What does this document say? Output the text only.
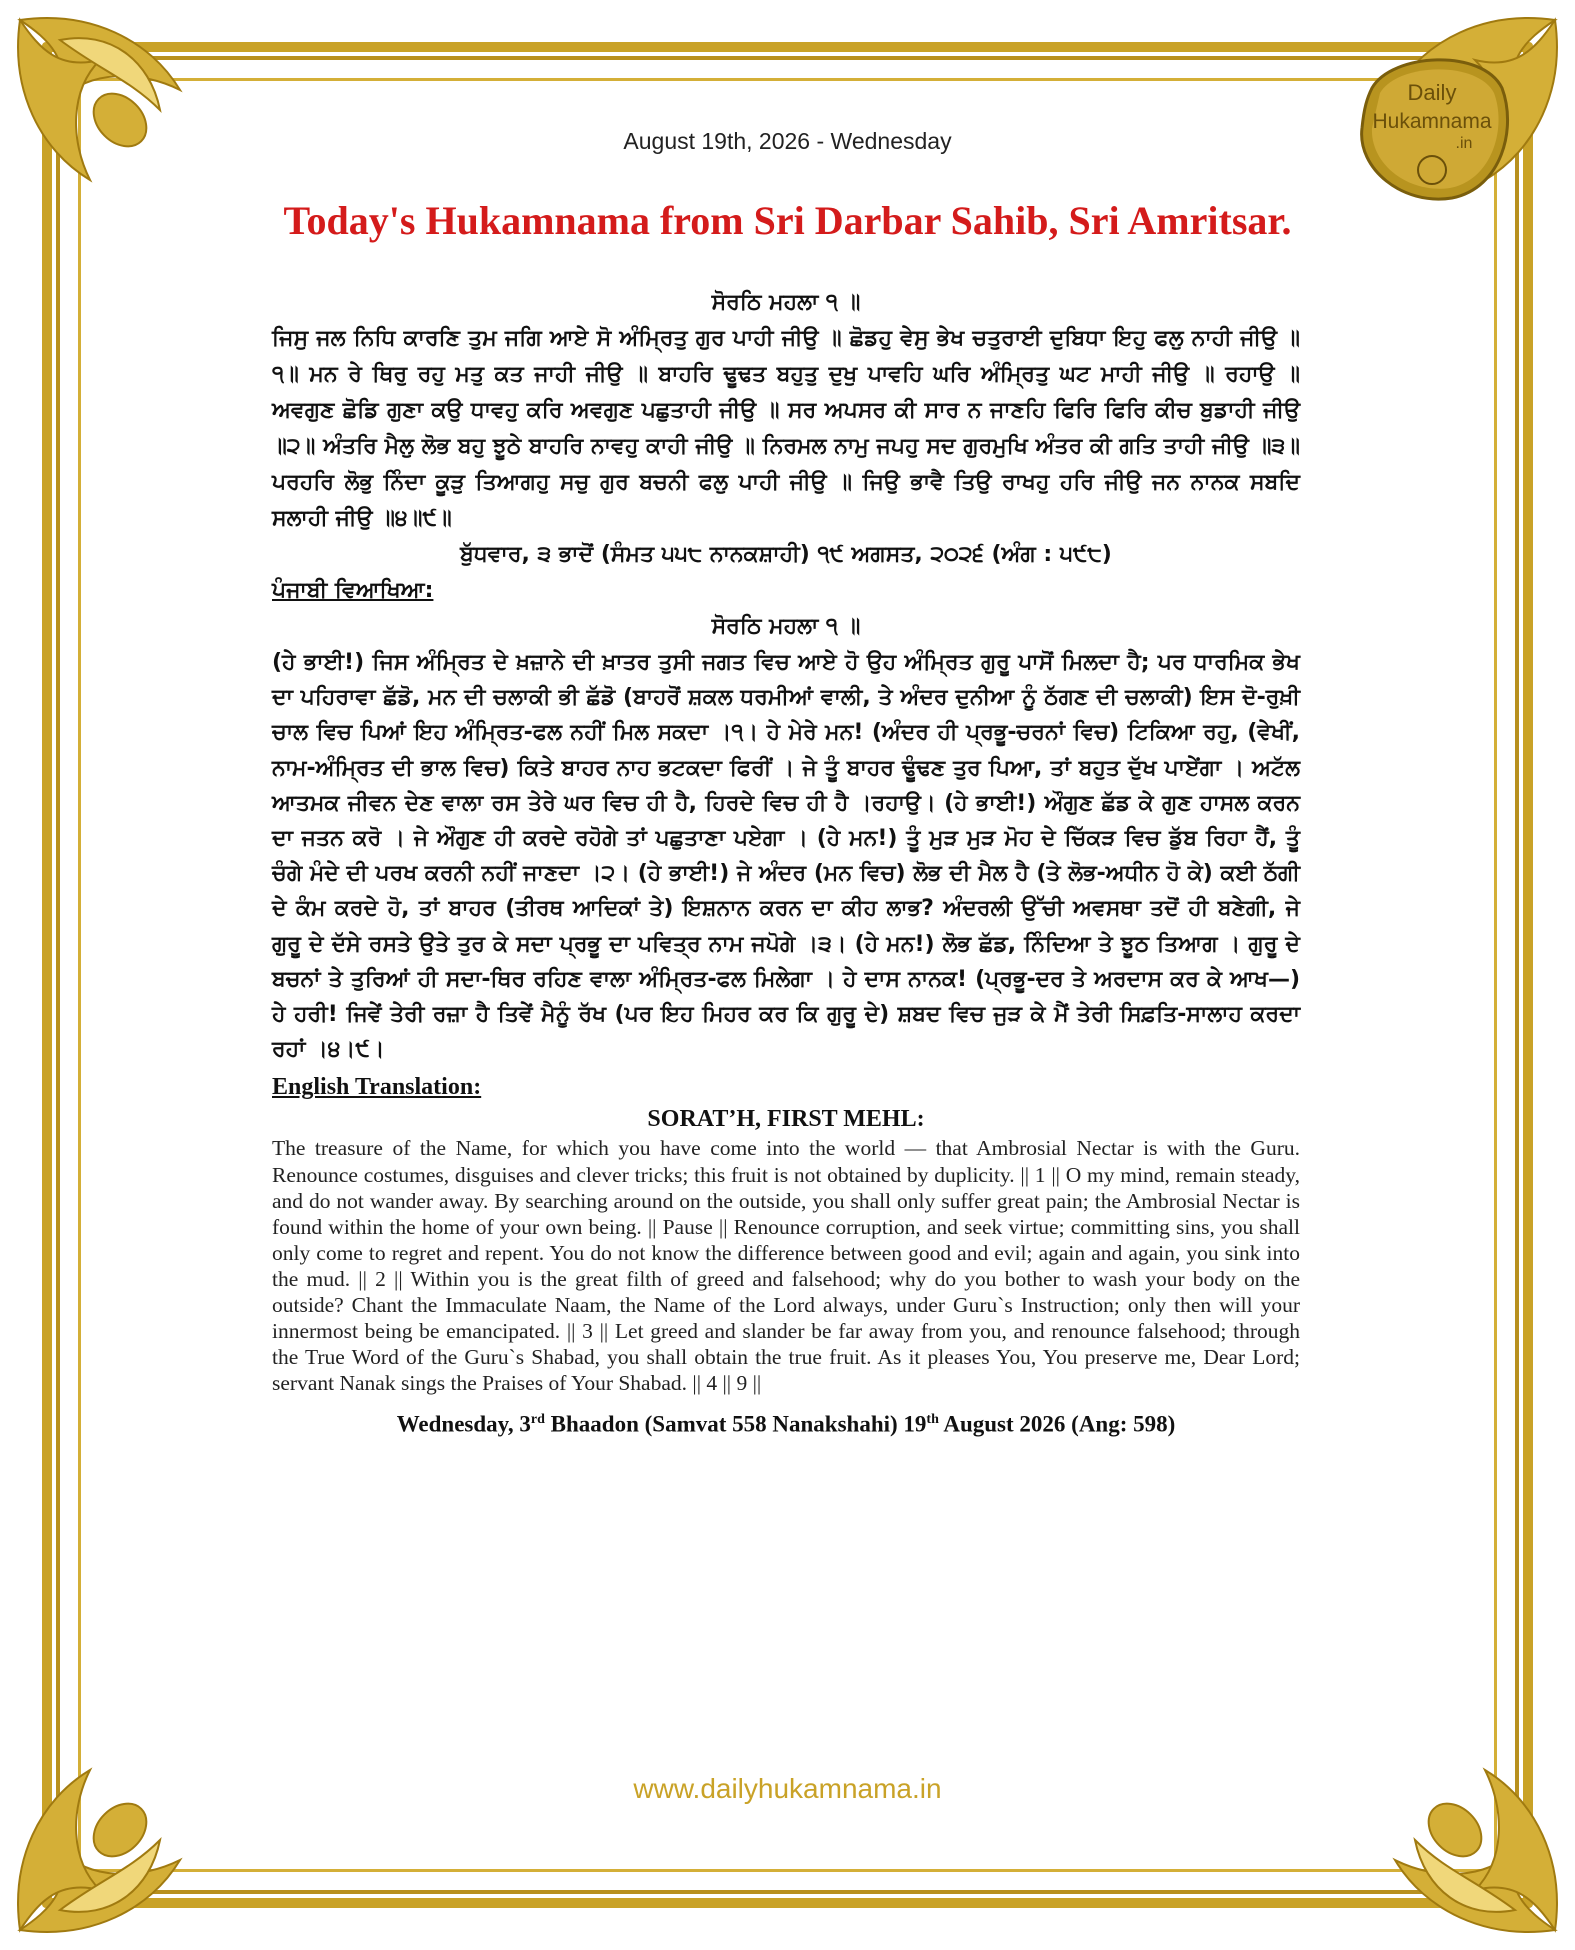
Daily
Hukamnama
.in
August 19th, 2026 - Wednesday
Today's Hukamnama from Sri Darbar Sahib, Sri Amritsar.
ਸੋਰਠਿ ਮਹਲਾ ੧ ॥
ਜਿਸੁ ਜਲ ਨਿਧਿ ਕਾਰਣਿ ਤੁਮ ਜਗਿ ਆਏ ਸੋ ਅੰਮ੍ਰਿਤੁ ਗੁਰ ਪਾਹੀ ਜੀਉ ॥ ਛੋਡਹੁ ਵੇਸੁ ਭੇਖ ਚਤੁਰਾਈ ਦੁਬਿਧਾ ਇਹੁ ਫਲੁ ਨਾਹੀ ਜੀਉ ॥੧॥ ਮਨ ਰੇ ਥਿਰੁ ਰਹੁ ਮਤੁ ਕਤ ਜਾਹੀ ਜੀਉ ॥ ਬਾਹਰਿ ਢੂਢਤ ਬਹੁਤੁ ਦੁਖੁ ਪਾਵਹਿ ਘਰਿ ਅੰਮ੍ਰਿਤੁ ਘਟ ਮਾਹੀ ਜੀਉ ॥ ਰਹਾਉ ॥ ਅਵਗੁਣ ਛੋਡਿ ਗੁਣਾ ਕਉ ਧਾਵਹੁ ਕਰਿ ਅਵਗੁਣ ਪਛੁਤਾਹੀ ਜੀਉ ॥ ਸਰ ਅਪਸਰ ਕੀ ਸਾਰ ਨ ਜਾਣਹਿ ਫਿਰਿ ਫਿਰਿ ਕੀਚ ਬੁਡਾਹੀ ਜੀਉ ॥੨॥ ਅੰਤਰਿ ਮੈਲੁ ਲੋਭ ਬਹੁ ਝੂਠੇ ਬਾਹਰਿ ਨਾਵਹੁ ਕਾਹੀ ਜੀਉ ॥ ਨਿਰਮਲ ਨਾਮੁ ਜਪਹੁ ਸਦ ਗੁਰਮੁਖਿ ਅੰਤਰ ਕੀ ਗਤਿ ਤਾਹੀ ਜੀਉ ॥੩॥ ਪਰਹਰਿ ਲੋਭੁ ਨਿੰਦਾ ਕੂੜੁ ਤਿਆਗਹੁ ਸਚੁ ਗੁਰ ਬਚਨੀ ਫਲੁ ਪਾਹੀ ਜੀਉ ॥ ਜਿਉ ਭਾਵੈ ਤਿਉ ਰਾਖਹੁ ਹਰਿ ਜੀਉ ਜਨ ਨਾਨਕ ਸਬਦਿ ਸਲਾਹੀ ਜੀਉ ॥੪॥੯॥
ਬੁੱਧਵਾਰ, ੩ ਭਾਦੋਂ (ਸੰਮਤ ੫੫੮ ਨਾਨਕਸ਼ਾਹੀ) ੧੯ ਅਗਸਤ, ੨੦੨੬ (ਅੰਗ : ੫੯੮)
ਪੰਜਾਬੀ ਵਿਆਖਿਆ:
ਸੋਰਠਿ ਮਹਲਾ ੧ ॥
(ਹੇ ਭਾਈ!) ਜਿਸ ਅੰਮ੍ਰਿਤ ਦੇ ਖ਼ਜ਼ਾਨੇ ਦੀ ਖ਼ਾਤਰ ਤੁਸੀ ਜਗਤ ਵਿਚ ਆਏ ਹੋ ਉਹ ਅੰਮ੍ਰਿਤ ਗੁਰੂ ਪਾਸੋਂ ਮਿਲਦਾ ਹੈ; ਪਰ ਧਾਰਮਿਕ ਭੇਖ ਦਾ ਪਹਿਰਾਵਾ ਛੱਡੋ, ਮਨ ਦੀ ਚਲਾਕੀ ਭੀ ਛੱਡੋ (ਬਾਹਰੋਂ ਸ਼ਕਲ ਧਰਮੀਆਂ ਵਾਲੀ, ਤੇ ਅੰਦਰ ਦੁਨੀਆ ਨੂੰ ਠੱਗਣ ਦੀ ਚਲਾਕੀ) ਇਸ ਦੋ-ਰੁਖ਼ੀ ਚਾਲ ਵਿਚ ਪਿਆਂ ਇਹ ਅੰਮ੍ਰਿਤ-ਫਲ ਨਹੀਂ ਮਿਲ ਸਕਦਾ ।੧। ਹੇ ਮੇਰੇ ਮਨ! (ਅੰਦਰ ਹੀ ਪ੍ਰਭੂ-ਚਰਨਾਂ ਵਿਚ) ਟਿਕਿਆ ਰਹੁ, (ਵੇਖੀਂ, ਨਾਮ-ਅੰਮ੍ਰਿਤ ਦੀ ਭਾਲ ਵਿਚ) ਕਿਤੇ ਬਾਹਰ ਨਾਹ ਭਟਕਦਾ ਫਿਰੀਂ । ਜੇ ਤੂੰ ਬਾਹਰ ਢੂੰਢਣ ਤੁਰ ਪਿਆ, ਤਾਂ ਬਹੁਤ ਦੁੱਖ ਪਾਏਂਗਾ । ਅਟੱਲ ਆਤਮਕ ਜੀਵਨ ਦੇਣ ਵਾਲਾ ਰਸ ਤੇਰੇ ਘਰ ਵਿਚ ਹੀ ਹੈ, ਹਿਰਦੇ ਵਿਚ ਹੀ ਹੈ ।ਰਹਾਉ। (ਹੇ ਭਾਈ!) ਔਗੁਣ ਛੱਡ ਕੇ ਗੁਣ ਹਾਸਲ ਕਰਨ ਦਾ ਜਤਨ ਕਰੋ । ਜੇ ਔਗੁਣ ਹੀ ਕਰਦੇ ਰਹੋਗੇ ਤਾਂ ਪਛੁਤਾਣਾ ਪਏਗਾ । (ਹੇ ਮਨ!) ਤੂੰ ਮੁੜ ਮੁੜ ਮੋਹ ਦੇ ਚਿੱਕੜ ਵਿਚ ਡੁੱਬ ਰਿਹਾ ਹੈਂ, ਤੂੰ ਚੰਗੇ ਮੰਦੇ ਦੀ ਪਰਖ ਕਰਨੀ ਨਹੀਂ ਜਾਣਦਾ ।੨। (ਹੇ ਭਾਈ!) ਜੇ ਅੰਦਰ (ਮਨ ਵਿਚ) ਲੋਭ ਦੀ ਮੈਲ ਹੈ (ਤੇ ਲੋਭ-ਅਧੀਨ ਹੋ ਕੇ) ਕਈ ਠੱਗੀ ਦੇ ਕੰਮ ਕਰਦੇ ਹੋ, ਤਾਂ ਬਾਹਰ (ਤੀਰਥ ਆਦਿਕਾਂ ਤੇ) ਇਸ਼ਨਾਨ ਕਰਨ ਦਾ ਕੀਹ ਲਾਭ? ਅੰਦਰਲੀ ਉੱਚੀ ਅਵਸਥਾ ਤਦੋਂ ਹੀ ਬਣੇਗੀ, ਜੇ ਗੁਰੂ ਦੇ ਦੱਸੇ ਰਸਤੇ ਉਤੇ ਤੁਰ ਕੇ ਸਦਾ ਪ੍ਰਭੂ ਦਾ ਪਵਿਤ੍ਰ ਨਾਮ ਜਪੋਗੇ ।੩। (ਹੇ ਮਨ!) ਲੋਭ ਛੱਡ, ਨਿੰਦਿਆ ਤੇ ਝੂਠ ਤਿਆਗ । ਗੁਰੂ ਦੇ ਬਚਨਾਂ ਤੇ ਤੁਰਿਆਂ ਹੀ ਸਦਾ-ਥਿਰ ਰਹਿਣ ਵਾਲਾ ਅੰਮ੍ਰਿਤ-ਫਲ ਮਿਲੇਗਾ । ਹੇ ਦਾਸ ਨਾਨਕ! (ਪ੍ਰਭੂ-ਦਰ ਤੇ ਅਰਦਾਸ ਕਰ ਕੇ ਆਖ—) ਹੇ ਹਰੀ! ਜਿਵੇਂ ਤੇਰੀ ਰਜ਼ਾ ਹੈ ਤਿਵੇਂ ਮੈਨੂੰ ਰੱਖ (ਪਰ ਇਹ ਮਿਹਰ ਕਰ ਕਿ ਗੁਰੂ ਦੇ) ਸ਼ਬਦ ਵਿਚ ਜੁੜ ਕੇ ਮੈਂ ਤੇਰੀ ਸਿਫ਼ਤਿ-ਸਾਲਾਹ ਕਰਦਾ ਰਹਾਂ ।੪।੯।
English Translation:
SORAT’H, FIRST MEHL:
The treasure of the Name, for which you have come into the world — that Ambrosial Nectar is with the Guru. Renounce costumes, disguises and clever tricks; this fruit is not obtained by duplicity. || 1 || O my mind, remain steady, and do not wander away. By searching around on the outside, you shall only suffer great pain; the Ambrosial Nectar is found within the home of your own being. || Pause || Renounce corruption, and seek virtue; committing sins, you shall only come to regret and repent. You do not know the difference between good and evil; again and again, you sink into the mud. || 2 || Within you is the great filth of greed and falsehood; why do you bother to wash your body on the outside? Chant the Immaculate Naam, the Name of the Lord always, under Guru`s Instruction; only then will your innermost being be emancipated. || 3 || Let greed and slander be far away from you, and renounce falsehood; through the True Word of the Guru`s Shabad, you shall obtain the true fruit. As it pleases You, You preserve me, Dear Lord; servant Nanak sings the Praises of Your Shabad. || 4 || 9 ||
Wednesday, 3rd Bhaadon (Samvat 558 Nanakshahi) 19th August 2026 (Ang: 598)
www.dailyhukamnama.in
